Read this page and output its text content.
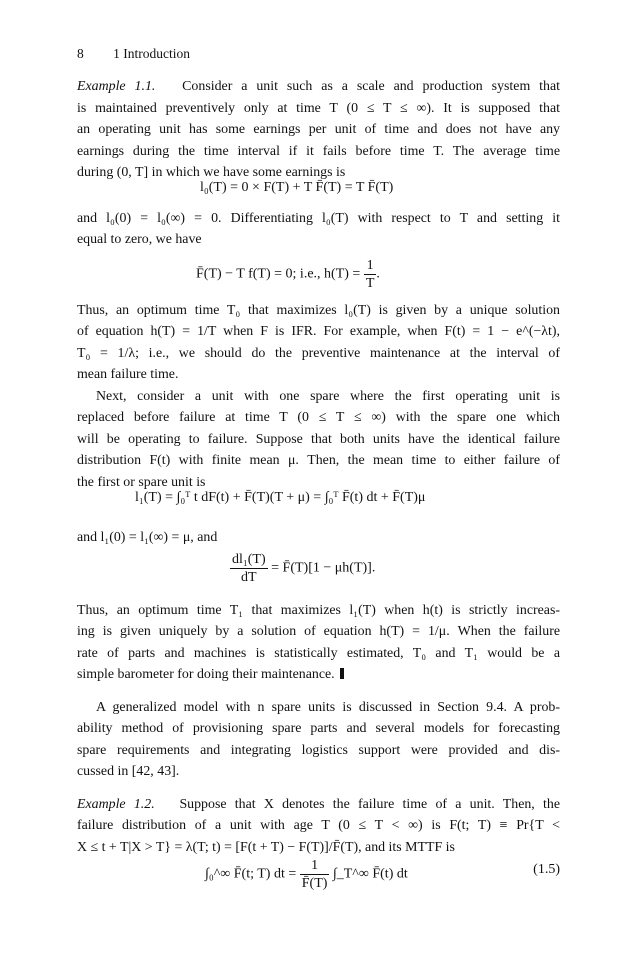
8 1 Introduction
Example 1.1. Consider a unit such as a scale and production system that
is maintained preventively only at time T (0 ≤ T ≤ ∞). It is supposed that
an operating unit has some earnings per unit of time and does not have any
earnings during the time interval if it fails before time T. The average time
during (0, T] in which we have some earnings is
l₀(T) = 0 × F(T) + T F̄(T) = T F̄(T)
and l₀(0) = l₀(∞) = 0. Differentiating l₀(T) with respect to T and setting it
equal to zero, we have
F̄(T) − T f(T) = 0; i.e., $h(T) = \frac{1}{T}$ .
Thus, an optimum time T₀ that maximizes l₀(T) is given by a unique solution
of equation h(T) = 1/T when F is IFR. For example, when F(t) = 1 − e^(−λt),
T₀ = 1/λ; i.e., we should do the preventive maintenance at the interval of
mean failure time.
Next, consider a unit with one spare where the first operating unit is
replaced before failure at time T (0 ≤ T ≤ ∞) with the spare one which
will be operating to failure. Suppose that both units have the identical failure
distribution F(t) with finite mean μ. Then, the mean time to either failure of
the first or spare unit is
l₁(T) = ∫₀ᵀ t dF(t) + F̄(T)(T + μ) = ∫₀ᵀ F̄(t) dt + F̄(T)μ
and l₁(0) = l₁(∞) = μ, and
$\frac{\text{dl₁(T)}}{dT}$ = F̄(T)[1 − μh(T)].
Thus, an optimum time T₁ that maximizes l₁(T) when h(t) is strictly increas-
ing is given uniquely by a solution of equation h(T) = 1/μ. When the failure
rate of parts and machines is statistically estimated, T₀ and T₁ would be a
simple barometer for doing their maintenance.
A generalized model with n spare units is discussed in Section 9.4. A prob-
ability method of provisioning spare parts and several models for forecasting
spare requirements and integrating logistics support were provided and dis-
cussed in [42, 43].
Example 1.2. Suppose that X denotes the failure time of a unit. Then, the
failure distribution of a unit with age T (0 ≤ T < ∞) is F(t; T) ≡ Pr{T <
X ≤ t + T|X > T} = λ(T; t) = [F(t + T) − F(T)]/F̄(T), and its MTTF is
∫₀^∞ F̄(t; T) dt = $\frac{1}{F̄(T)}$ ∫_T^∞ F̄(t) dt	(1.5)
